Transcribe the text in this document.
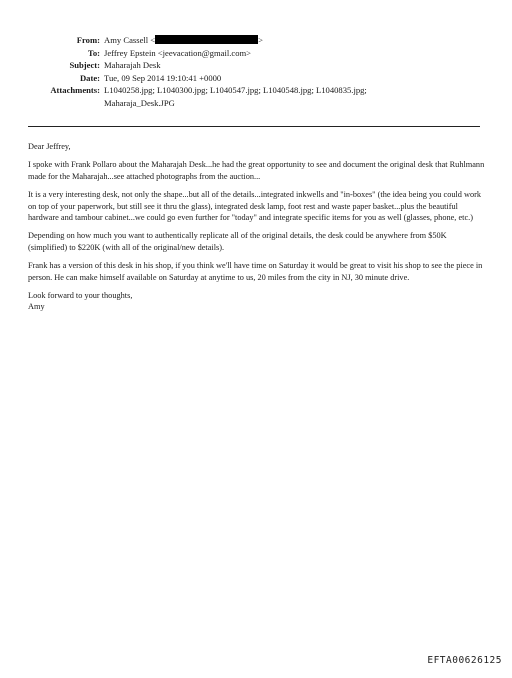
From: Amy Cassell <	>
To: Jeffrey Epstein <jeevacation@gmail.com>
Subject: Maharajah Desk
Date: Tue, 09 Sep 2014 19:10:41 +0000
Attachments: L1040258.jpg; L1040300.jpg; L1040547.jpg; L1040548.jpg; L1040835.jpg;
Maharaja_Desk.JPG

Dear Jeffrey,

I spoke with Frank Pollaro about the Maharajah Desk...he had the great opportunity to see and document the original desk that Ruhlmann made for the Maharajah...see attached photographs from the auction...

It is a very interesting desk, not only the shape...but all of the details...integrated inkwells and "in-boxes" (the idea being you could work on top of your paperwork, but still see it thru the glass), integrated desk lamp, foot rest and waste paper basket...plus the beautiful hardware and tambour cabinet...we could go even further for "today" and integrate specific items for you as well (glasses, phone, etc.)

Depending on how much you want to authentically replicate all of the original details, the desk could be anywhere from $50K (simplified) to $220K (with all of the original/new details).

Frank has a version of this desk in his shop, if you think we'll have time on Saturday it would be great to visit his shop to see the piece in person. He can make himself available on Saturday at anytime to us, 20 miles from the city in NJ, 30 minute drive.

Look forward to your thoughts,
Amy
EFTA00626125
